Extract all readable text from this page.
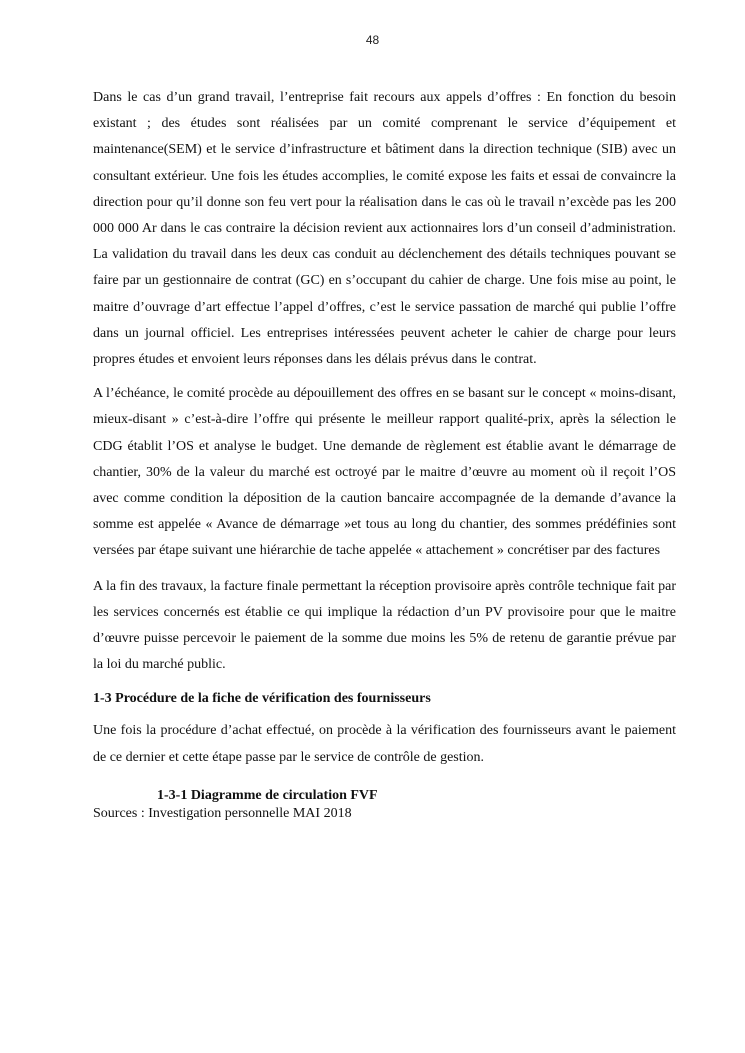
48

Dans le cas d’un grand travail, l’entreprise fait recours aux appels d’offres : En fonction du besoin existant ; des études sont réalisées par un comité comprenant le service d’équipement et maintenance(SEM) et le service d’infrastructure et bâtiment dans la direction technique (SIB) avec un consultant extérieur. Une fois les études accomplies, le comité expose les faits et essai de convaincre la direction pour qu’il donne son feu vert pour la réalisation dans le cas où le travail n’excède pas les 200 000 000 Ar dans le cas contraire la décision revient aux actionnaires lors d’un conseil d’administration. La validation du travail dans les deux cas conduit au déclenchement des détails techniques pouvant se faire par un gestionnaire de contrat (GC) en s’occupant du cahier de charge. Une fois mise au point, le maitre d’ouvrage d’art effectue l’appel d’offres, c’est le service passation de marché qui publie l’offre dans un journal officiel. Les entreprises intéressées peuvent acheter le cahier de charge pour leurs propres études et envoient leurs réponses dans les délais prévus dans le contrat.

A l’échéance, le comité procède au dépouillement des offres en se basant sur le concept « moins-disant, mieux-disant » c’est-à-dire l’offre qui présente le meilleur rapport qualité-prix, après la sélection le CDG établit l’OS et analyse le budget. Une demande de règlement est établie avant le démarrage de chantier, 30% de la valeur du marché est octroyé par le maitre d’œuvre au moment où il reçoit l’OS avec comme condition la déposition de la caution bancaire accompagnée de la demande d’avance la somme est appelée « Avance de démarrage »et tous au long du chantier, des sommes prédéfinies sont versées par étape suivant une hiérarchie de tache appelée « attachement » concrétiser par des factures

A la fin des travaux, la facture finale permettant la réception provisoire après contrôle technique fait par les services concernés est établie ce qui implique la rédaction d’un PV provisoire pour que le maitre d’œuvre puisse percevoir le paiement de la somme due moins les 5% de retenu de garantie prévue par la loi du marché public.

1-3 Procédure de la fiche de vérification des fournisseurs

Une fois la procédure d’achat effectué, on procède à la vérification des fournisseurs avant le paiement de ce dernier et cette étape passe par le service de contrôle de gestion.

1-3-1 Diagramme de circulation FVF

Sources : Investigation personnelle MAI 2018
